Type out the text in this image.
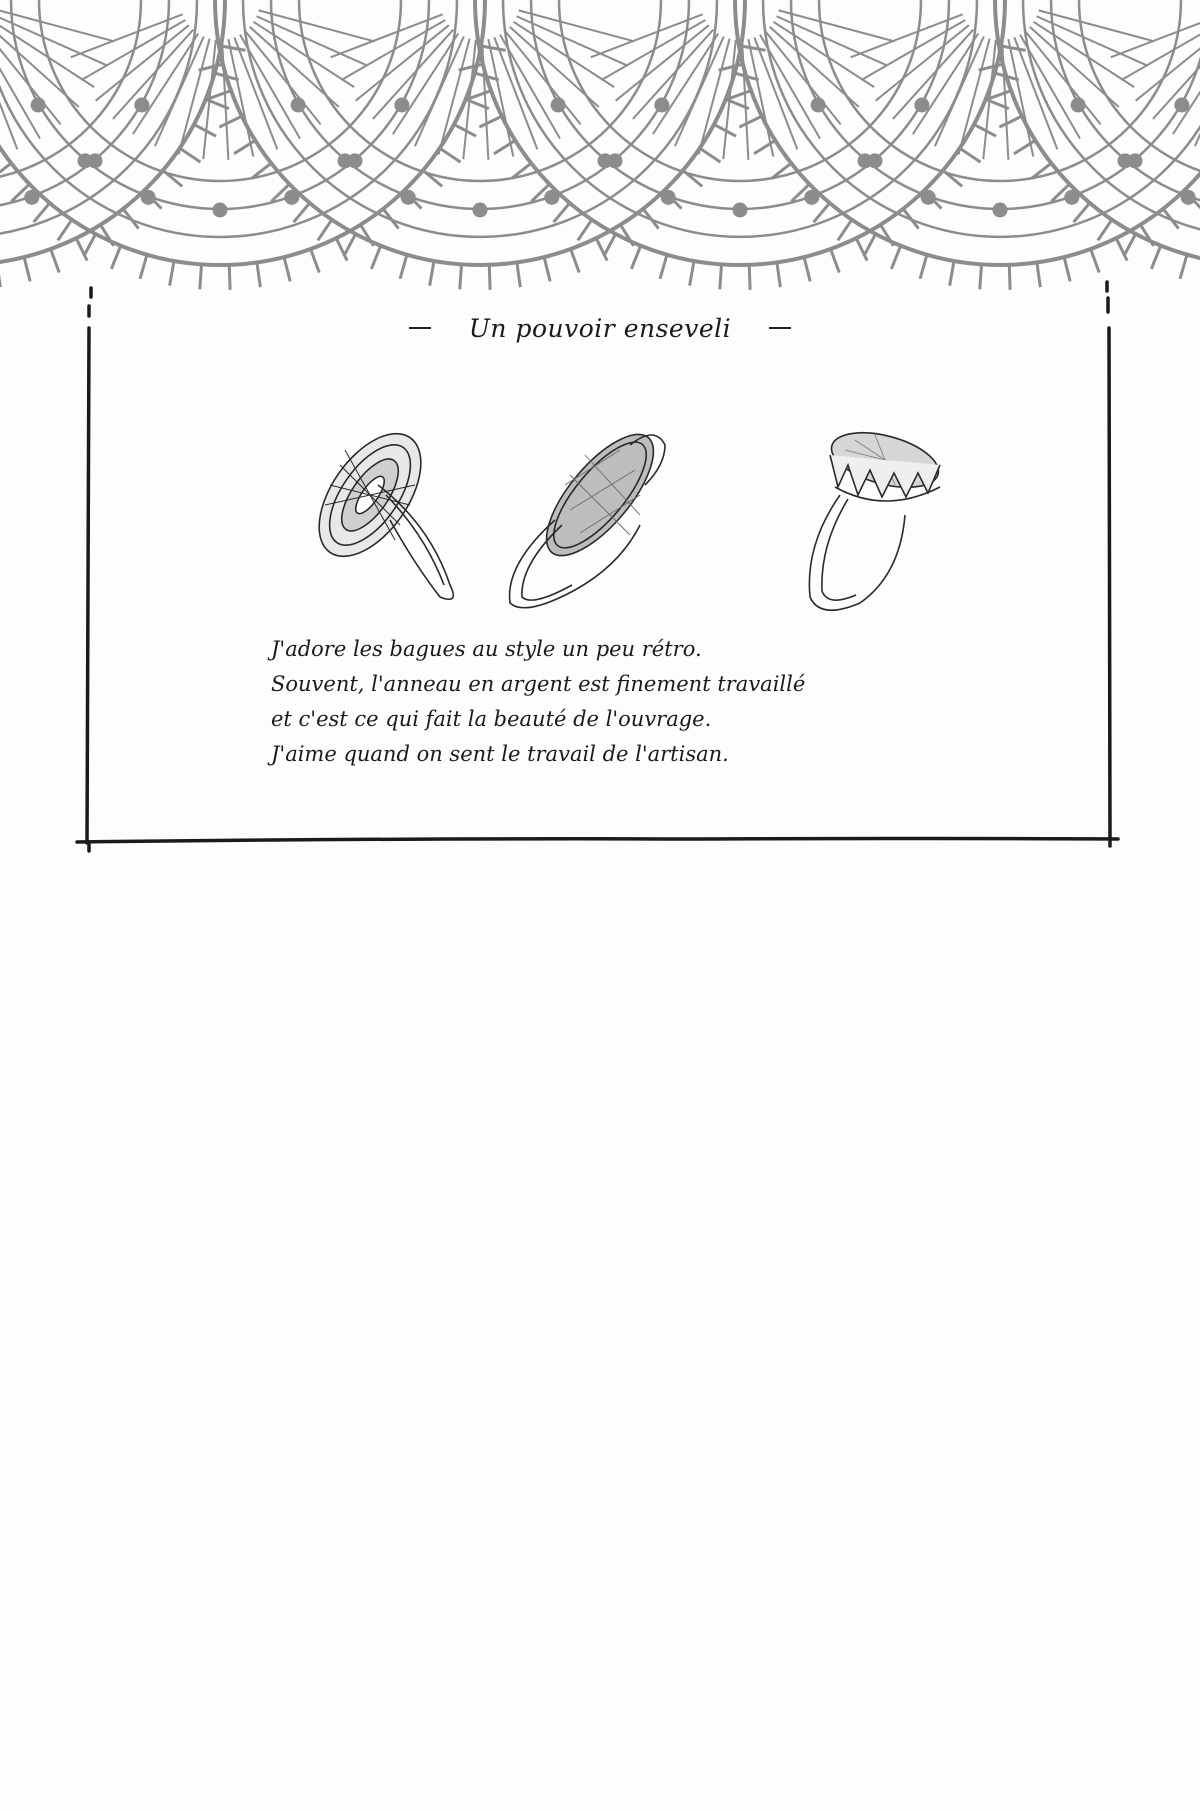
Un pouvoir enseveli

J'adore les bagues au style un peu rétro.

Souvent, l'anneau en argent est finement travaillé

et c'est ce qui fait la beauté de l'ouvrage.

J'aime quand on sent le travail de l'artisan.
